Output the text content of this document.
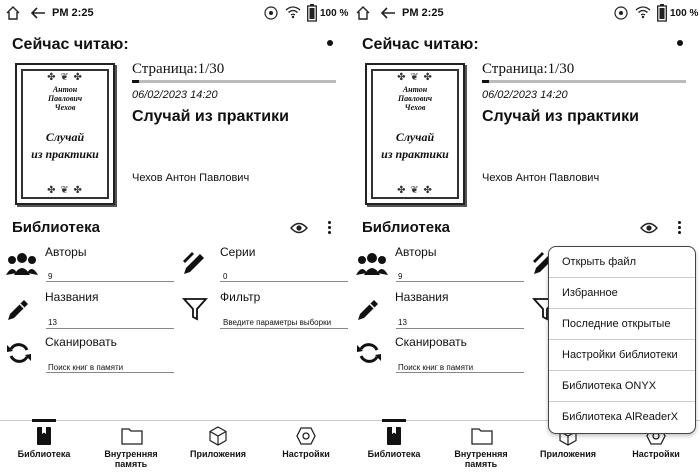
PM 2:25	100 %
Сейчас читаю:
✤ ❦ ✤
Антон
Павлович
Чехов
Случай
из практики
✤ ❦ ✤
Страница:1/30
06/02/2023 14:20
Случай из практики
Чехов Антон Павлович
Библиотека
Авторы
9
Серии
0
Названия
13
Фильтр
Введите параметры выборки
Сканировать
Поиск книг в памяти
Библиотека	Внутренняя
память
Приложения	Настройки
PM 2:25	100 %
Сейчас читаю:
✤ ❦ ✤
Антон
Павлович
Чехов
Случай
из практики
✤ ❦ ✤
Страница:1/30
06/02/2023 14:20
Случай из практики
Чехов Антон Павлович
Библиотека
Авторы
9
Названия
13
Сканировать
Поиск книг в памяти
Библиотека	Внутренняя
память
Приложения	Настройки
Открыть файл
Избранное
Последние открытые
Настройки библиотеки
Библиотека ONYX
Библиотека AlReaderX
